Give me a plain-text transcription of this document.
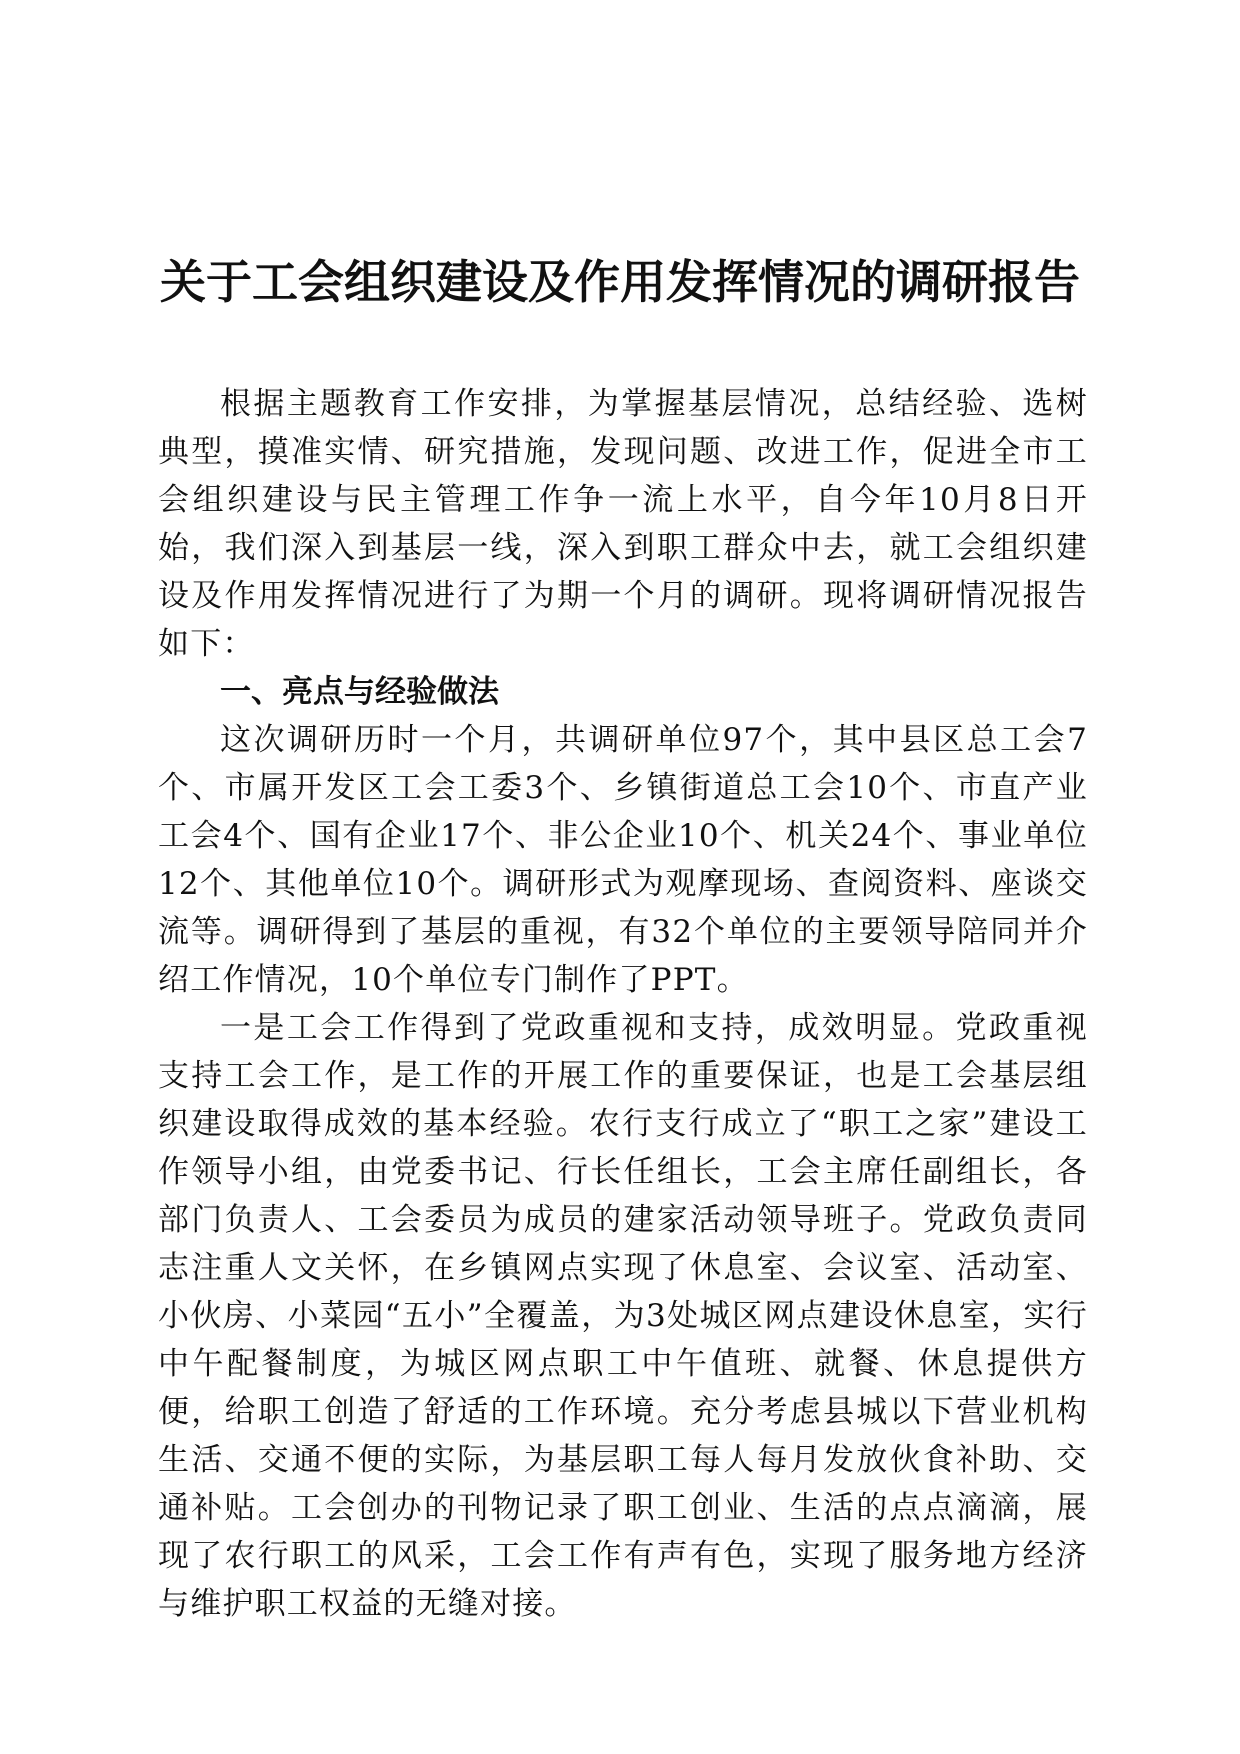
关于工会组织建设及作用发挥情况的调研报告

根据主题教育工作安排，为掌握基层情况，总结经验、选树典型，摸准实情、研究措施，发现问题、改进工作，促进全市工会组织建设与民主管理工作争一流上水平，自今年10月8日开始，我们深入到基层一线，深入到职工群众中去，就工会组织建设及作用发挥情况进行了为期一个月的调研。现将调研情况报告如下：

一、亮点与经验做法

这次调研历时一个月，共调研单位97个，其中县区总工会7个、市属开发区工会工委3个、乡镇街道总工会10个、市直产业工会4个、国有企业17个、非公企业10个、机关24个、事业单位12个、其他单位10个。调研形式为观摩现场、查阅资料、座谈交流等。调研得到了基层的重视，有32个单位的主要领导陪同并介绍工作情况，10个单位专门制作了PPT。

一是工会工作得到了党政重视和支持，成效明显。党政重视支持工会工作，是工作的开展工作的重要保证，也是工会基层组织建设取得成效的基本经验。农行支行成立了“职工之家”建设工作领导小组，由党委书记、行长任组长，工会主席任副组长，各部门负责人、工会委员为成员的建家活动领导班子。党政负责同志注重人文关怀，在乡镇网点实现了休息室、会议室、活动室、小伙房、小菜园“五小”全覆盖，为3处城区网点建设休息室，实行中午配餐制度，为城区网点职工中午值班、就餐、休息提供方便，给职工创造了舒适的工作环境。充分考虑县城以下营业机构生活、交通不便的实际，为基层职工每人每月发放伙食补助、交通补贴。工会创办的刊物记录了职工创业、生活的点点滴滴，展现了农行职工的风采，工会工作有声有色，实现了服务地方经济与维护职工权益的无缝对接。
